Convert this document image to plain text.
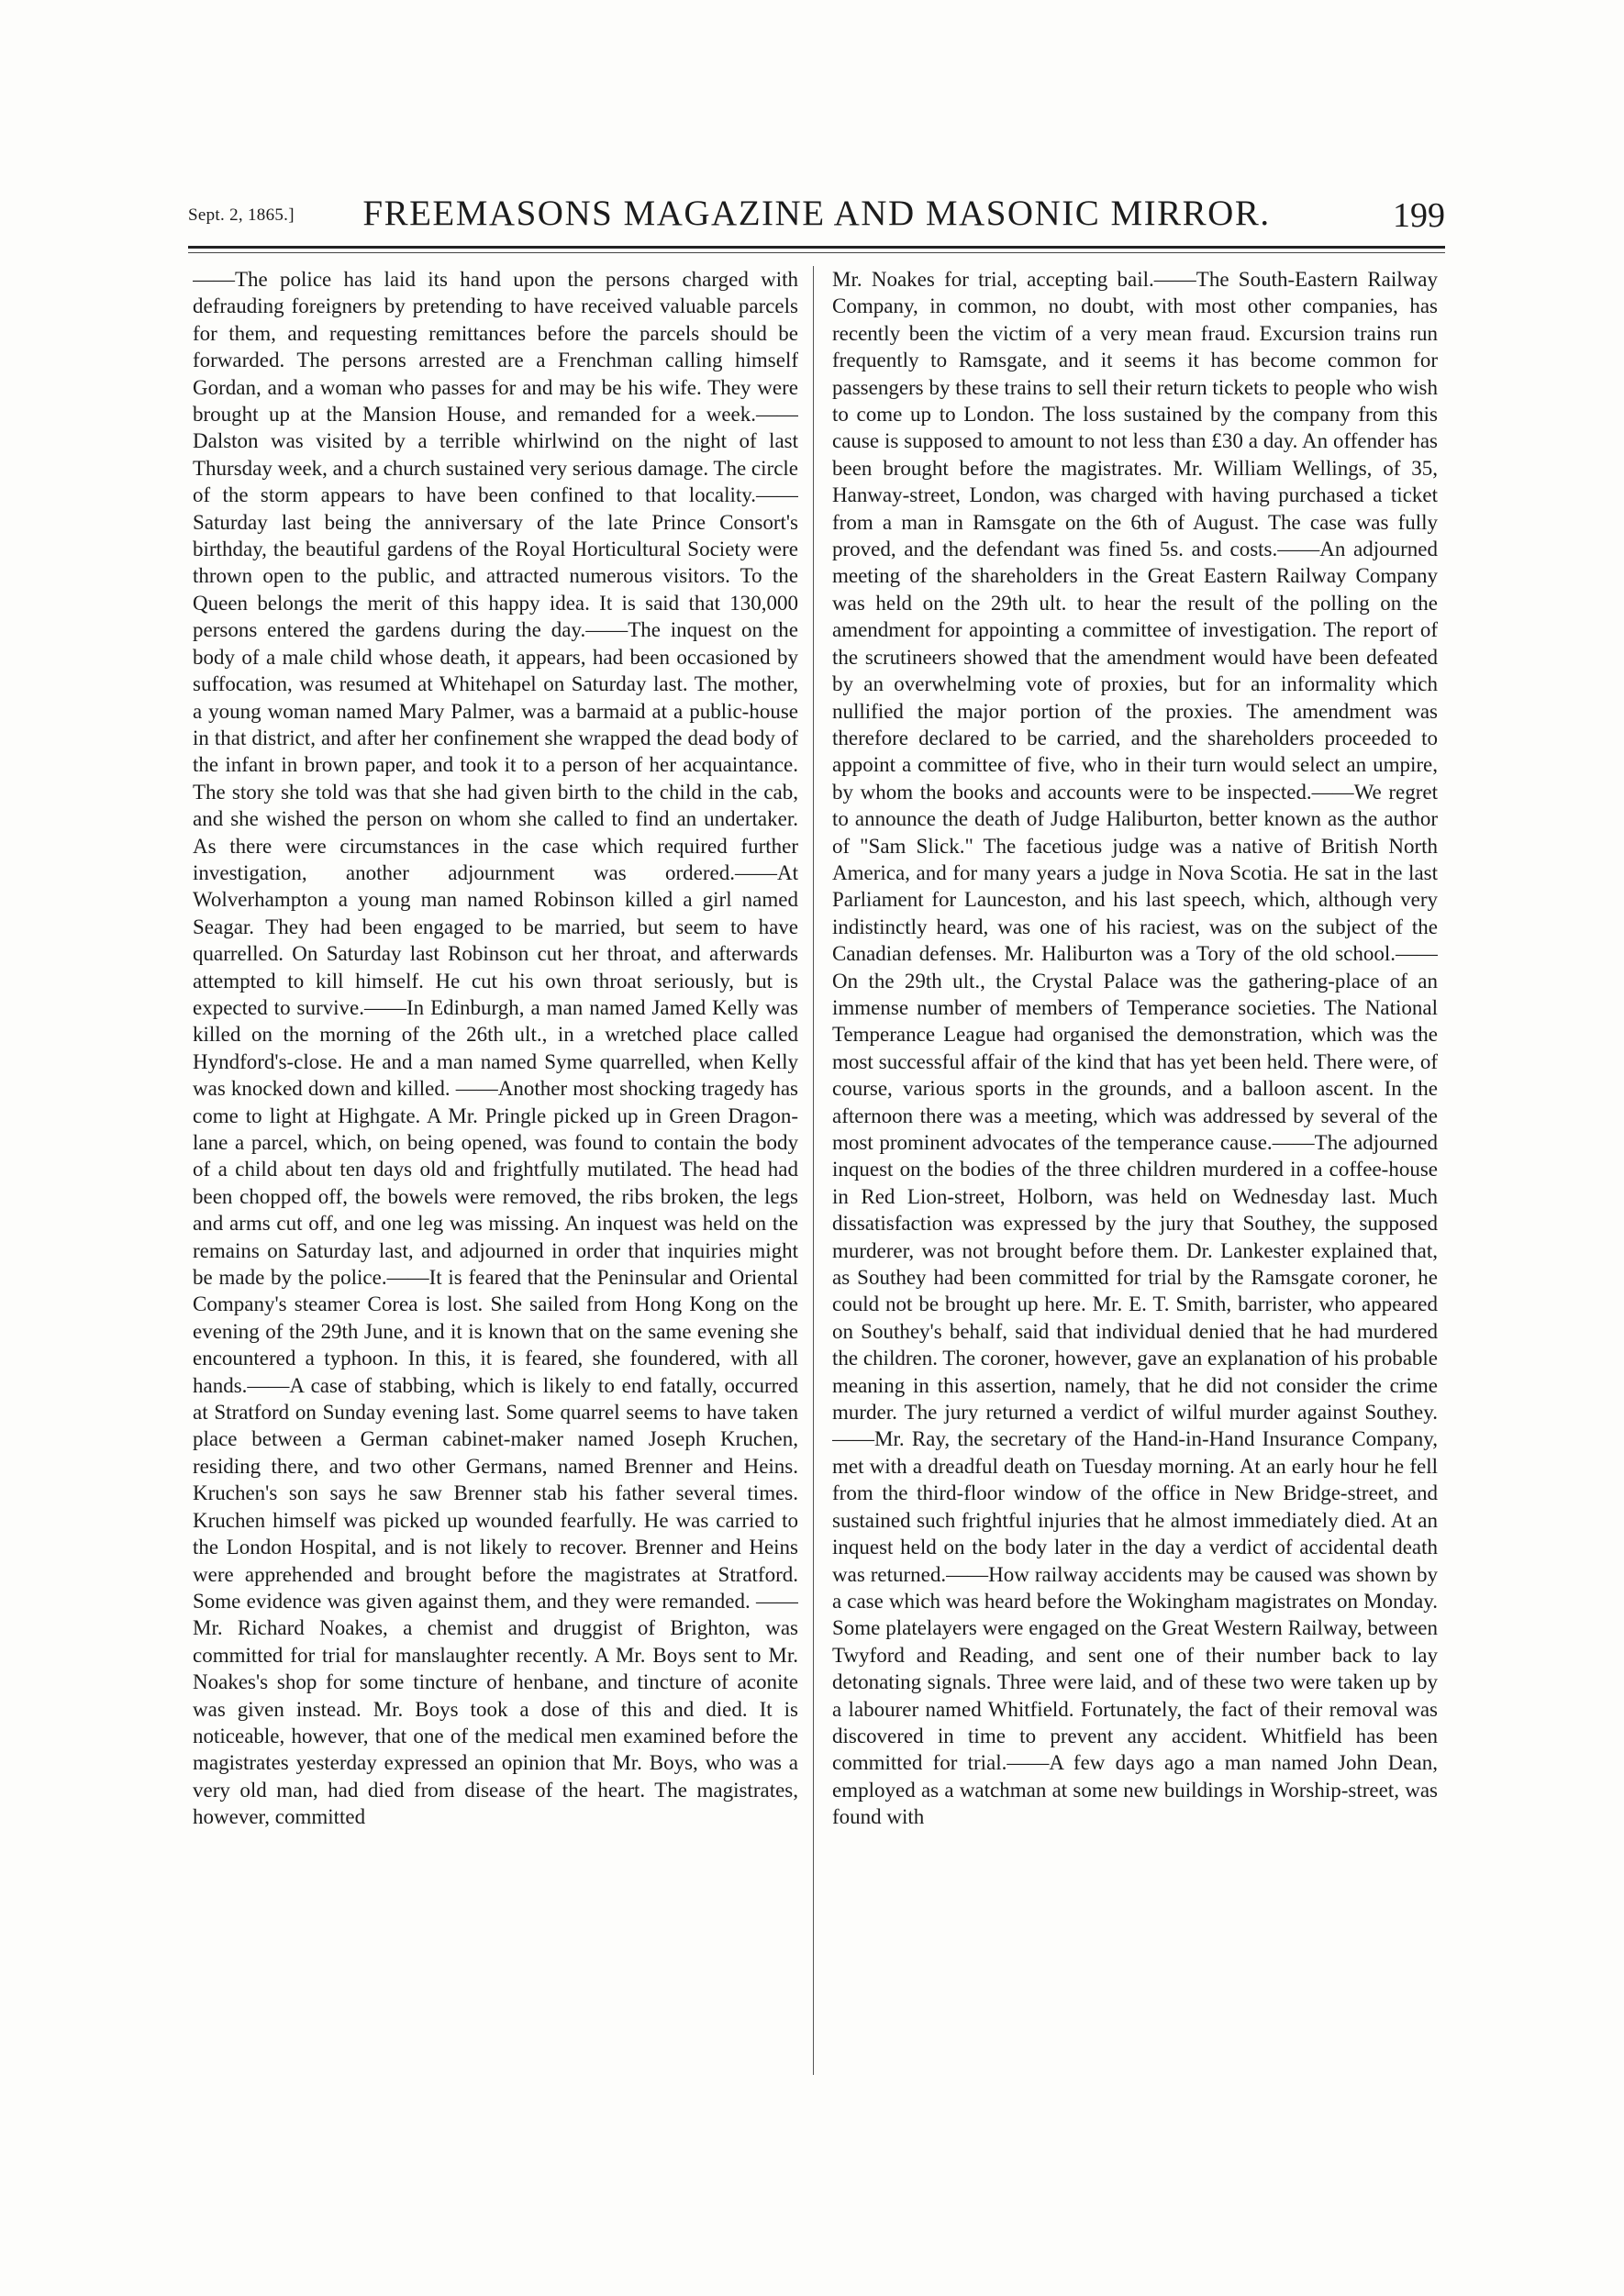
Sept. 2, 1865.]	FREEMASONS MAGAZINE AND MASONIC MIRROR.	199

——The police has laid its hand upon the persons charged with defrauding foreigners by pretending to have received valuable parcels for them, and requesting remittances before the parcels should be forwarded. The persons arrested are a Frenchman calling himself Gordan, and a woman who passes for and may be his wife. They were brought up at the Mansion House, and remanded for a week.——Dalston was visited by a terrible whirlwind on the night of last Thursday week, and a church sustained very serious damage. The circle of the storm appears to have been confined to that locality.——Saturday last being the anniversary of the late Prince Consort's birthday, the beautiful gardens of the Royal Horticultural Society were thrown open to the public, and attracted numerous visitors. To the Queen belongs the merit of this happy idea. It is said that 130,000 persons entered the gardens during the day.——The inquest on the body of a male child whose death, it appears, had been occasioned by suffocation, was resumed at Whitehapel on Saturday last. The mother, a young woman named Mary Palmer, was a barmaid at a public-house in that district, and after her confinement she wrapped the dead body of the infant in brown paper, and took it to a person of her acquaintance. The story she told was that she had given birth to the child in the cab, and she wished the person on whom she called to find an undertaker. As there were circumstances in the case which required further investigation, another adjournment was ordered.——At Wolverhampton a young man named Robinson killed a girl named Seagar. They had been engaged to be married, but seem to have quarrelled. On Saturday last Robinson cut her throat, and afterwards attempted to kill himself. He cut his own throat seriously, but is expected to survive.——In Edinburgh, a man named Jamed Kelly was killed on the morning of the 26th ult., in a wretched place called Hyndford's-close. He and a man named Syme quarrelled, when Kelly was knocked down and killed. ——Another most shocking tragedy has come to light at Highgate. A Mr. Pringle picked up in Green Dragon-lane a parcel, which, on being opened, was found to contain the body of a child about ten days old and frightfully mutilated. The head had been chopped off, the bowels were removed, the ribs broken, the legs and arms cut off, and one leg was missing. An inquest was held on the remains on Saturday last, and adjourned in order that inquiries might be made by the police.——It is feared that the Peninsular and Oriental Company's steamer Corea is lost. She sailed from Hong Kong on the evening of the 29th June, and it is known that on the same evening she encountered a typhoon. In this, it is feared, she foundered, with all hands.——A case of stabbing, which is likely to end fatally, occurred at Stratford on Sunday evening last. Some quarrel seems to have taken place between a German cabinet-maker named Joseph Kruchen, residing there, and two other Germans, named Brenner and Heins. Kruchen's son says he saw Brenner stab his father several times. Kruchen himself was picked up wounded fearfully. He was carried to the London Hospital, and is not likely to recover. Brenner and Heins were apprehended and brought before the magistrates at Stratford. Some evidence was given against them, and they were remanded. —— Mr. Richard Noakes, a chemist and druggist of Brighton, was committed for trial for manslaughter recently. A Mr. Boys sent to Mr. Noakes's shop for some tincture of henbane, and tincture of aconite was given instead. Mr. Boys took a dose of this and died. It is noticeable, however, that one of the medical men examined before the magistrates yesterday expressed an opinion that Mr. Boys, who was a very old man, had died from disease of the heart. The magistrates, however, committed

Mr. Noakes for trial, accepting bail.——The South-Eastern Railway Company, in common, no doubt, with most other companies, has recently been the victim of a very mean fraud. Excursion trains run frequently to Ramsgate, and it seems it has become common for passengers by these trains to sell their return tickets to people who wish to come up to London. The loss sustained by the company from this cause is supposed to amount to not less than £30 a day. An offender has been brought before the magistrates. Mr. William Wellings, of 35, Hanway-street, London, was charged with having purchased a ticket from a man in Ramsgate on the 6th of August. The case was fully proved, and the defendant was fined 5s. and costs.——An adjourned meeting of the shareholders in the Great Eastern Railway Company was held on the 29th ult. to hear the result of the polling on the amendment for appointing a committee of investigation. The report of the scrutineers showed that the amendment would have been defeated by an overwhelming vote of proxies, but for an informality which nullified the major portion of the proxies. The amendment was therefore declared to be carried, and the shareholders proceeded to appoint a committee of five, who in their turn would select an umpire, by whom the books and accounts were to be inspected.——We regret to announce the death of Judge Haliburton, better known as the author of "Sam Slick." The facetious judge was a native of British North America, and for many years a judge in Nova Scotia. He sat in the last Parliament for Launceston, and his last speech, which, although very indistinctly heard, was one of his raciest, was on the subject of the Canadian defenses. Mr. Haliburton was a Tory of the old school.——On the 29th ult., the Crystal Palace was the gathering-place of an immense number of members of Temperance societies. The National Temperance League had organised the demonstration, which was the most successful affair of the kind that has yet been held. There were, of course, various sports in the grounds, and a balloon ascent. In the afternoon there was a meeting, which was addressed by several of the most prominent advocates of the temperance cause.——The adjourned inquest on the bodies of the three children murdered in a coffee-house in Red Lion-street, Holborn, was held on Wednesday last. Much dissatisfaction was expressed by the jury that Southey, the supposed murderer, was not brought before them. Dr. Lankester explained that, as Southey had been committed for trial by the Ramsgate coroner, he could not be brought up here. Mr. E. T. Smith, barrister, who appeared on Southey's behalf, said that individual denied that he had murdered the children. The coroner, however, gave an explanation of his probable meaning in this assertion, namely, that he did not consider the crime murder. The jury returned a verdict of wilful murder against Southey.——Mr. Ray, the secretary of the Hand-in-Hand Insurance Company, met with a dreadful death on Tuesday morning. At an early hour he fell from the third-floor window of the office in New Bridge-street, and sustained such frightful injuries that he almost immediately died. At an inquest held on the body later in the day a verdict of accidental death was returned.——How railway accidents may be caused was shown by a case which was heard before the Wokingham magistrates on Monday. Some platelayers were engaged on the Great Western Railway, between Twyford and Reading, and sent one of their number back to lay detonating signals. Three were laid, and of these two were taken up by a labourer named Whitfield. Fortunately, the fact of their removal was discovered in time to prevent any accident. Whitfield has been committed for trial.——A few days ago a man named John Dean, employed as a watchman at some new buildings in Worship-street, was found with
